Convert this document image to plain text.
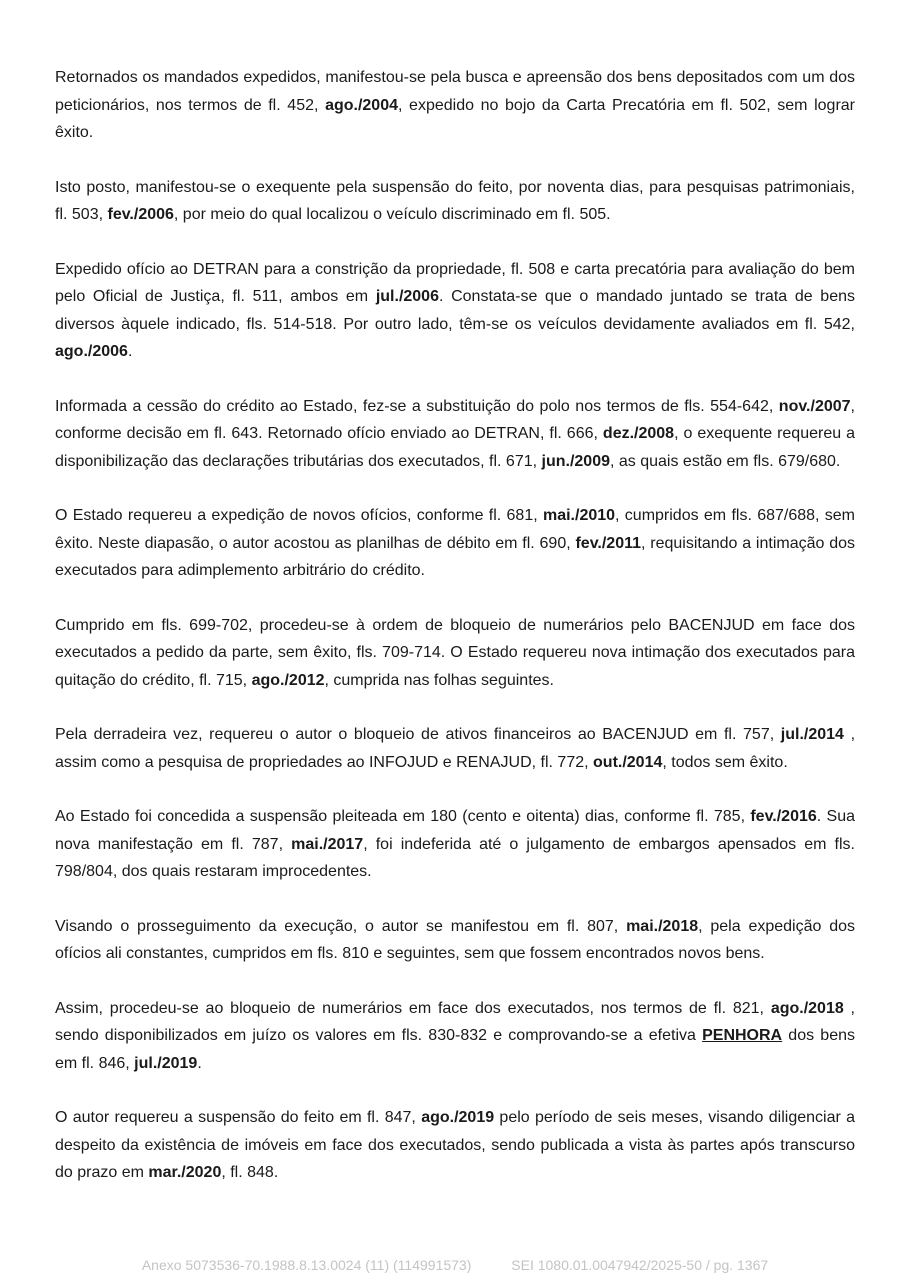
Retornados os mandados expedidos, manifestou-se pela busca e apreensão dos bens depositados com um dos peticionários, nos termos de fl. 452, ago./2004, expedido no bojo da Carta Precatória em fl. 502, sem lograr êxito.

Isto posto, manifestou-se o exequente pela suspensão do feito, por noventa dias, para pesquisas patrimoniais, fl. 503, fev./2006, por meio do qual localizou o veículo discriminado em fl. 505.

Expedido ofício ao DETRAN para a constrição da propriedade, fl. 508 e carta precatória para avaliação do bem pelo Oficial de Justiça, fl. 511, ambos em jul./2006. Constata-se que o mandado juntado se trata de bens diversos àquele indicado, fls. 514-518. Por outro lado, têm-se os veículos devidamente avaliados em fl. 542, ago./2006.

Informada a cessão do crédito ao Estado, fez-se a substituição do polo nos termos de fls. 554-642, nov./2007, conforme decisão em fl. 643. Retornado ofício enviado ao DETRAN, fl. 666, dez./2008, o exequente requereu a disponibilização das declarações tributárias dos executados, fl. 671, jun./2009, as quais estão em fls. 679/680.

O Estado requereu a expedição de novos ofícios, conforme fl. 681, mai./2010, cumpridos em fls. 687/688, sem êxito. Neste diapasão, o autor acostou as planilhas de débito em fl. 690, fev./2011, requisitando a intimação dos executados para adimplemento arbitrário do crédito.

Cumprido em fls. 699-702, procedeu-se à ordem de bloqueio de numerários pelo BACENJUD em face dos executados a pedido da parte, sem êxito, fls. 709-714. O Estado requereu nova intimação dos executados para quitação do crédito, fl. 715, ago./2012, cumprida nas folhas seguintes.

Pela derradeira vez, requereu o autor o bloqueio de ativos financeiros ao BACENJUD em fl. 757, jul./2014 , assim como a pesquisa de propriedades ao INFOJUD e RENAJUD, fl. 772, out./2014, todos sem êxito.

Ao Estado foi concedida a suspensão pleiteada em 180 (cento e oitenta) dias, conforme fl. 785, fev./2016. Sua nova manifestação em fl. 787, mai./2017, foi indeferida até o julgamento de embargos apensados em fls. 798/804, dos quais restaram improcedentes.

Visando o prosseguimento da execução, o autor se manifestou em fl. 807, mai./2018, pela expedição dos ofícios ali constantes, cumpridos em fls. 810 e seguintes, sem que fossem encontrados novos bens.

Assim, procedeu-se ao bloqueio de numerários em face dos executados, nos termos de fl. 821, ago./2018 , sendo disponibilizados em juízo os valores em fls. 830-832 e comprovando-se a efetiva PENHORA dos bens em fl. 846, jul./2019.

O autor requereu a suspensão do feito em fl. 847, ago./2019 pelo período de seis meses, visando diligenciar a despeito da existência de imóveis em face dos executados, sendo publicada a vista às partes após transcurso do prazo em mar./2020, fl. 848.

Anexo 5073536-70.1988.8.13.0024 (11) (114991573)	SEI 1080.01.0047942/2025-50 / pg. 1367
